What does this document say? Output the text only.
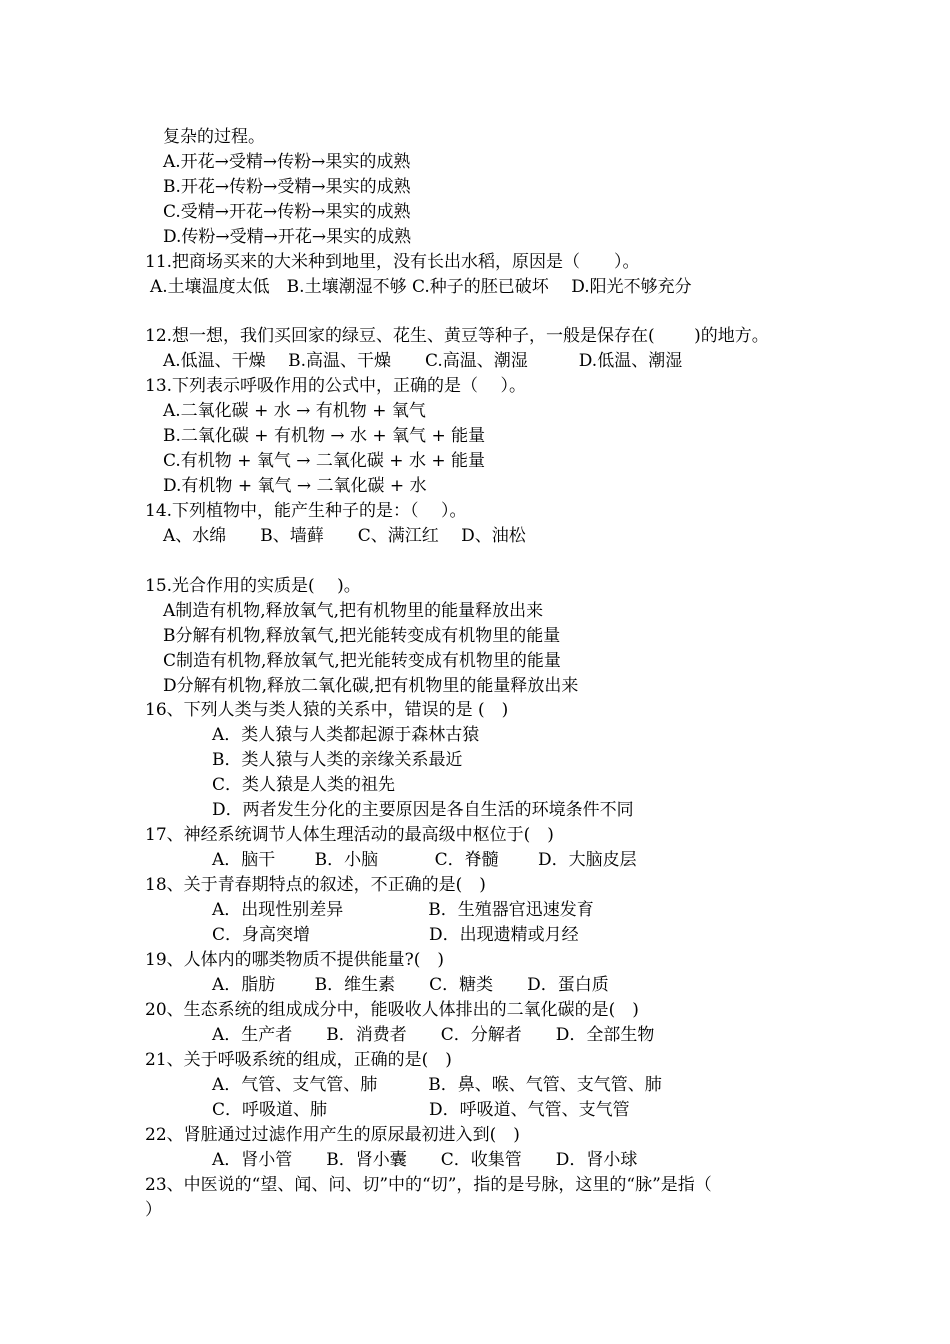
复杂的过程。
A.开花→受精→传粉→果实的成熟
B.开花→传粉→受精→果实的成熟
C.受精→开花→传粉→果实的成熟
D.传粉→受精→开花→果实的成熟
11.把商场买来的大米种到地里，没有长出水稻，原因是（　　）。
A.土壤温度太低　B.土壤潮湿不够 C.种子的胚已破坏　 D.阳光不够充分
12.想一想，我们买回家的绿豆、花生、黄豆等种子，一般是保存在(　　 )的地方。
A.低温、干燥　 B.高温、干燥　　C.高温、潮湿　　　D.低温、潮湿
13.下列表示呼吸作用的公式中，正确的是（　 ）。
A.二氧化碳 + 水 → 有机物 + 氧气
B.二氧化碳 + 有机物 → 水 + 氧气 + 能量
C.有机物 + 氧气 → 二氧化碳 + 水 + 能量
D.有机物 + 氧气 → 二氧化碳 + 水
14.下列植物中，能产生种子的是：（　 ）。
A、水绵　　B、墙藓　　C、满江红　 D、油松
15.光合作用的实质是(　 )。
A制造有机物,释放氧气,把有机物里的能量释放出来
B分解有机物,释放氧气,把光能转变成有机物里的能量
C制造有机物,释放氧气,把光能转变成有机物里的能量
D分解有机物,释放二氧化碳,把有机物里的能量释放出来
16、下列人类与类人猿的关系中，错误的是 (　)
A．类人猿与人类都起源于森林古猿
B．类人猿与人类的亲缘关系最近
C．类人猿是人类的祖先
D．两者发生分化的主要原因是各自生活的环境条件不同
17、神经系统调节人体生理活动的最高级中枢位于(　)
A．脑干　　 B．小脑　　　 C．脊髓　　 D．大脑皮层
18、关于青春期特点的叙述，不正确的是(　)
A．出现性别差异　　　　　B．生殖器官迅速发育
C．身高突增　　　　　　　D．出现遗精或月经
19、人体内的哪类物质不提供能量?(　)
A．脂肪　　 B．维生素　　C．糖类　　D．蛋白质
20、生态系统的组成成分中，能吸收人体排出的二氧化碳的是(　)
A．生产者　　B．消费者　　C．分解者　　D．全部生物
21、关于呼吸系统的组成，正确的是(　)
A．气管、支气管、肺　　　B．鼻、喉、气管、支气管、肺
C．呼吸道、肺　　　　　　D．呼吸道、气管、支气管
22、肾脏通过过滤作用产生的原尿最初进入到(　)
A．肾小管　　B．肾小囊　　C．收集管　　D．肾小球
23、中医说的“望、闻、问、切”中的“切”，指的是号脉，这里的“脉”是指（
）
